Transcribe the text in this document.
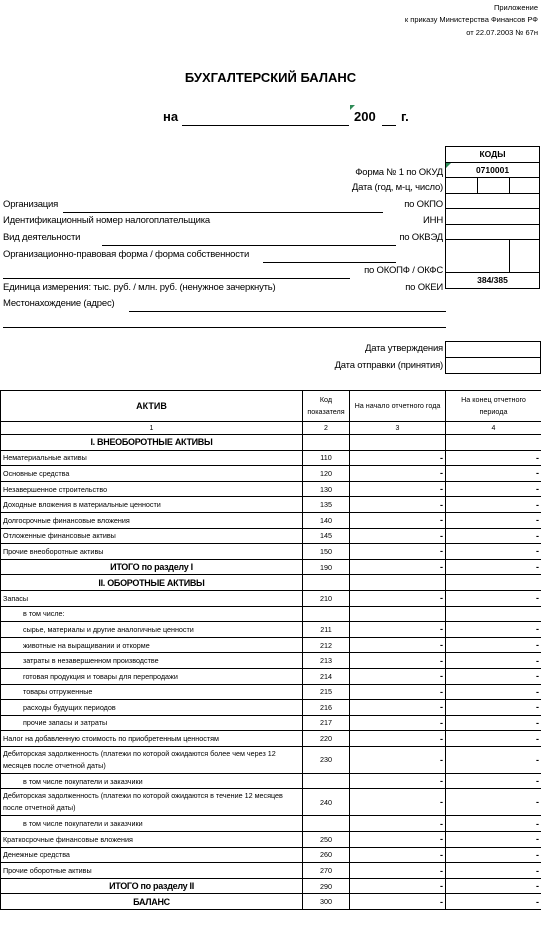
Приложение
к приказу Министерства Финансов РФ
от 22.07.2003 № 67н
БУХГАЛТЕРСКИЙ БАЛАНС
на	200 г.
КОДЫ		
0710001		

384/385		
Форма № 1 по ОКУД
Дата (год, м-ц, число)
Организация	по ОКПО
Идентификационный номер налогоплательщика	ИНН
Вид деятельности	по ОКВЭД
Организационно-правовая форма / форма собственности
по ОКОПФ / ОКФС
Единица измерения: тыс. руб. / млн. руб. (ненужное зачеркнуть)	по ОКЕИ
Местонахождение (адрес)
Дата утверждения
Дата отправки (принятия)
АКТИВ	Код показателя	На начало отчетного года	На конец отчетного периода
1	2	3	4
I. ВНЕОБОРОТНЫЕ АКТИВЫ			
Нематериальные активы	110	-	-
Основные средства	120	-	-
Незавершенное строительство	130	-	-
Доходные вложения в материальные ценности	135	-	-
Долгосрочные финансовые вложения	140	-	-
Отложенные финансовые активы	145	-	-
Прочие внеоборотные активы	150	-	-
ИТОГО по разделу I	190	-	-
II. ОБОРОТНЫЕ АКТИВЫ			
Запасы	210	-	-
в том числе:			
сырье, материалы и другие аналогичные ценности	211	-	-
животные на выращивании и откорме	212	-	-
затраты в незавершенном производстве	213	-	-
готовая продукция и товары для перепродажи	214	-	-
товары отгруженные	215	-	-
расходы будущих периодов	216	-	-
прочие запасы и затраты	217	-	-
Налог на добавленную стоимость по приобретенным ценностям	220	-	-
Дебиторская задолженность (платежи по которой ожидаются более чем через 12 месяцев после отчетной даты)	230	-	-
в том числе покупатели и заказчики		-	-
Дебиторская задолженность (платежи по которой ожидаются в течение 12 месяцев после отчетной даты)	240	-	-
в том числе покупатели и заказчики		-	-
Краткосрочные финансовые вложения	250	-	-
Денежные средства	260	-	-
Прочие оборотные активы	270	-	-
ИТОГО по разделу II	290	-	-
БАЛАНС	300	-	-
